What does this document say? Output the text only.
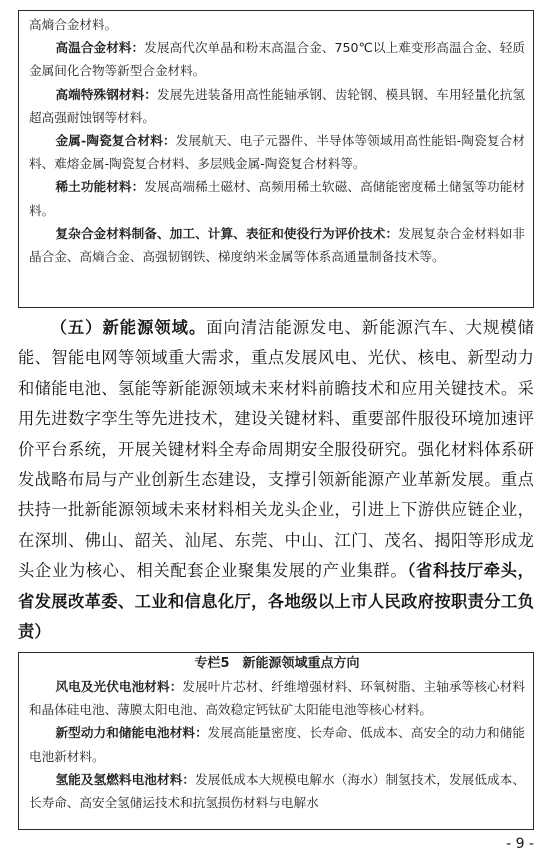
高熵合金材料。
高温合金材料：发展高代次单晶和粉末高温合金、750℃以上难变形高温合金、轻质金属间化合物等新型合金材料。
高端特殊钢材料：发展先进装备用高性能轴承钢、齿轮钢、模具钢、车用轻量化抗氢超高强耐蚀钢等材料。
金属-陶瓷复合材料：发展航天、电子元器件、半导体等领域用高性能铝-陶瓷复合材料、难熔金属-陶瓷复合材料、多层贱金属-陶瓷复合材料等。
稀土功能材料：发展高端稀土磁材、高频用稀土软磁、高储能密度稀土储氢等功能材料。
复杂合金材料制备、加工、计算、表征和使役行为评价技术：发展复杂合金材料如非晶合金、高熵合金、高强韧钢铁、梯度纳米金属等体系高通量制备技术等。
（五）新能源领域。面向清洁能源发电、新能源汽车、大规模储能、智能电网等领域重大需求，重点发展风电、光伏、核电、新型动力和储能电池、氢能等新能源领域未来材料前瞻技术和应用关键技术。采用先进数字孪生等先进技术，建设关键材料、重要部件服役环境加速评价平台系统，开展关键材料全寿命周期安全服役研究。强化材料体系研发战略布局与产业创新生态建设，支撑引领新能源产业革新发展。重点扶持一批新能源领域未来材料相关龙头企业，引进上下游供应链企业，在深圳、佛山、韶关、汕尾、东莞、中山、江门、茂名、揭阳等形成龙头企业为核心、相关配套企业聚集发展的产业集群。（省科技厅牵头，省发展改革委、工业和信息化厅，各地级以上市人民政府按职责分工负责）
专栏5　新能源领域重点方向
风电及光伏电池材料：发展叶片芯材、纤维增强材料、环氧树脂、主轴承等核心材料和晶体硅电池、薄膜太阳电池、高效稳定钙钛矿太阳能电池等核心材料。
新型动力和储能电池材料：发展高能量密度、长寿命、低成本、高安全的动力和储能电池新材料。
氢能及氢燃料电池材料：发展低成本大规模电解水（海水）制氢技术，发展低成本、长寿命、高安全氢储运技术和抗氢损伤材料与电解水
- 9 -
